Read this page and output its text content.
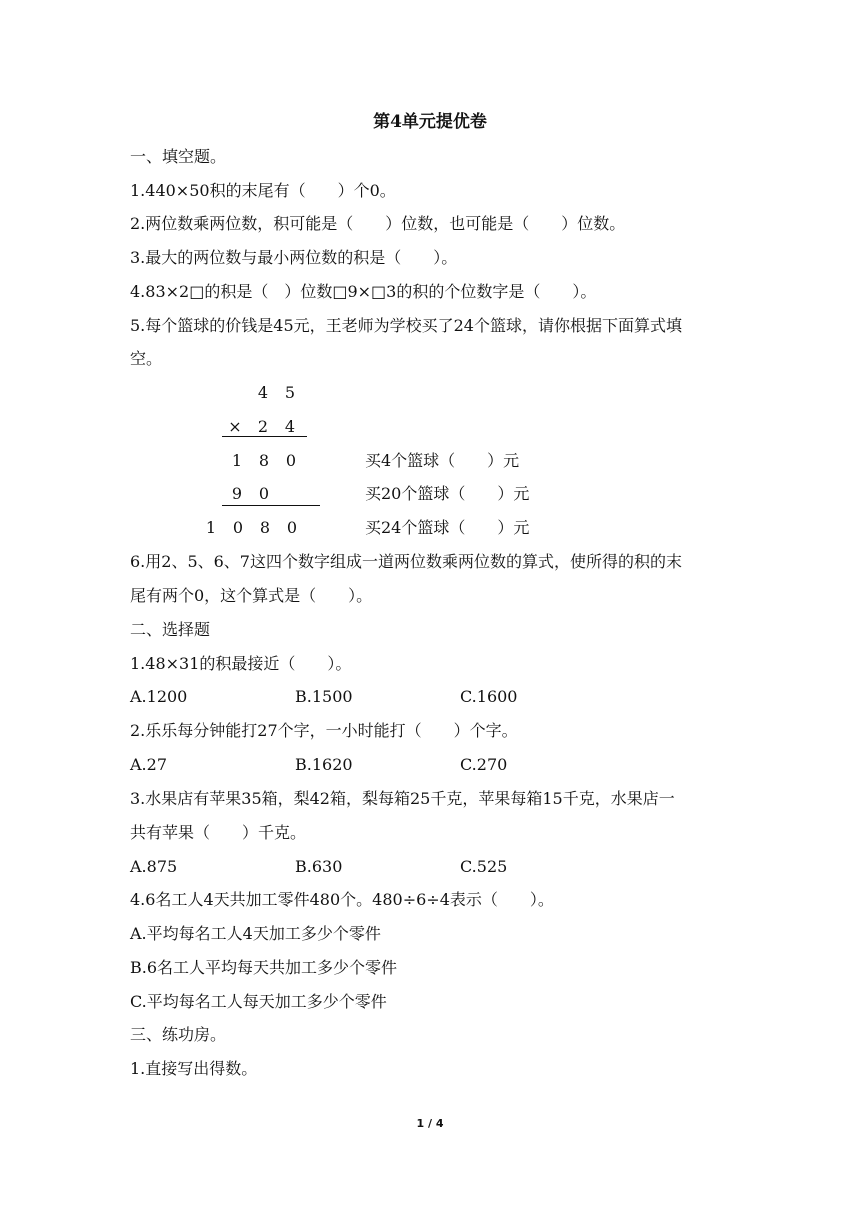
第4单元提优卷
一、填空题。
1.440×50积的末尾有（　　）个0。
2.两位数乘两位数，积可能是（　　）位数，也可能是（　　）位数。
3.最大的两位数与最小两位数的积是（　　）。
4.83×2□的积是（　）位数□9×□3的积的个位数字是（　　）。
5.每个篮球的价钱是45元，王老师为学校买了24个篮球，请你根据下面算式填
空。
4 5
× 2 4
1 8 0
9 0
1 0 8 0
买4个篮球（　　）元
买20个篮球（　　）元
买24个篮球（　　）元
6.用2、5、6、7这四个数字组成一道两位数乘两位数的算式，使所得的积的末
尾有两个0，这个算式是（　　）。
二、选择题
1.48×31的积最接近（　　）。
A.1200	B.1500	C.1600
2.乐乐每分钟能打27个字，一小时能打（　　）个字。
A.27	B.1620	C.270
3.水果店有苹果35箱，梨42箱，梨每箱25千克，苹果每箱15千克，水果店一
共有苹果（　　）千克。
A.875	B.630	C.525
4.6名工人4天共加工零件480个。480÷6÷4表示（　　）。
A.平均每名工人4天加工多少个零件
B.6名工人平均每天共加工多少个零件
C.平均每名工人每天加工多少个零件
三、练功房。
1.直接写出得数。
1 / 4
